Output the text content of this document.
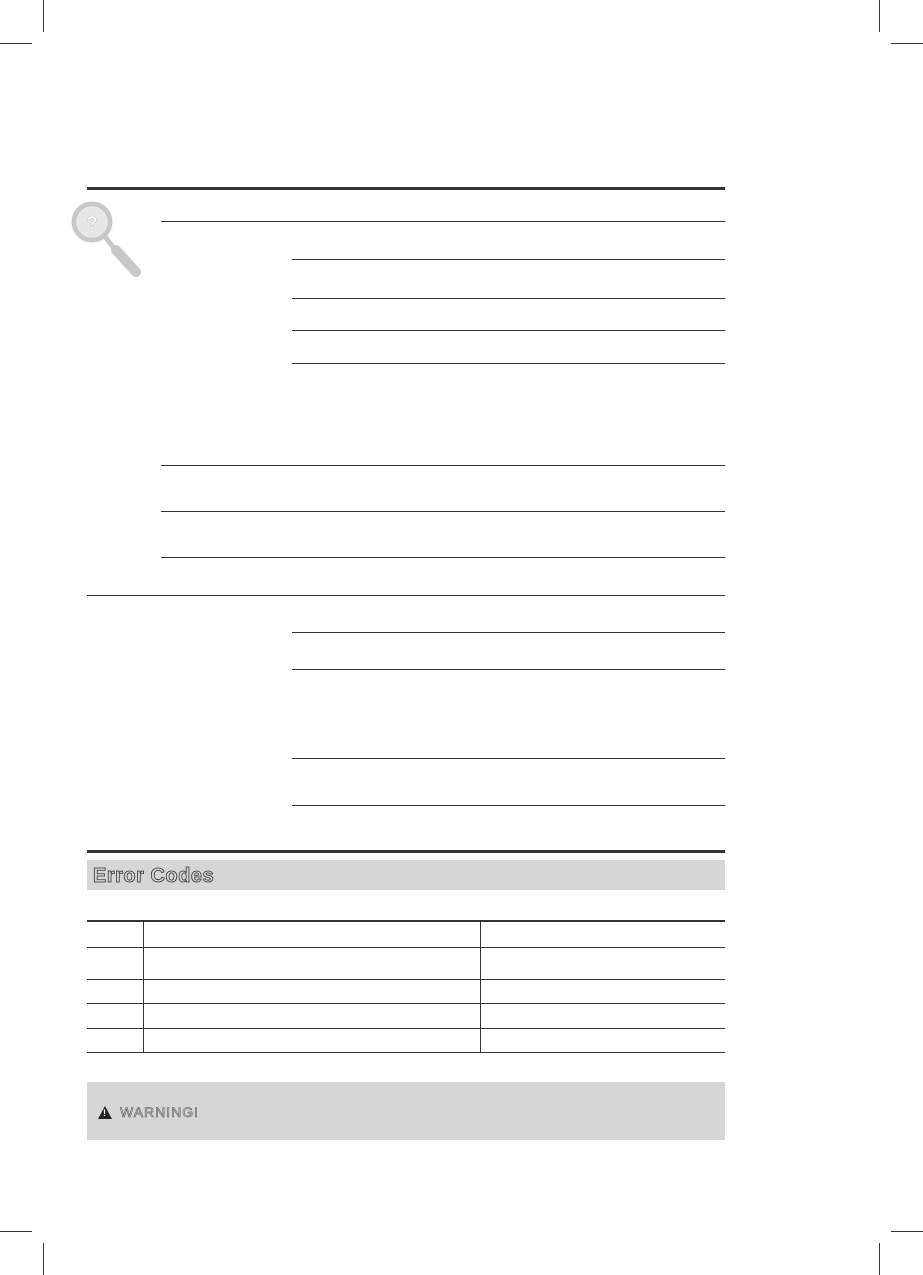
?
Error Codes
!
WARNING!
